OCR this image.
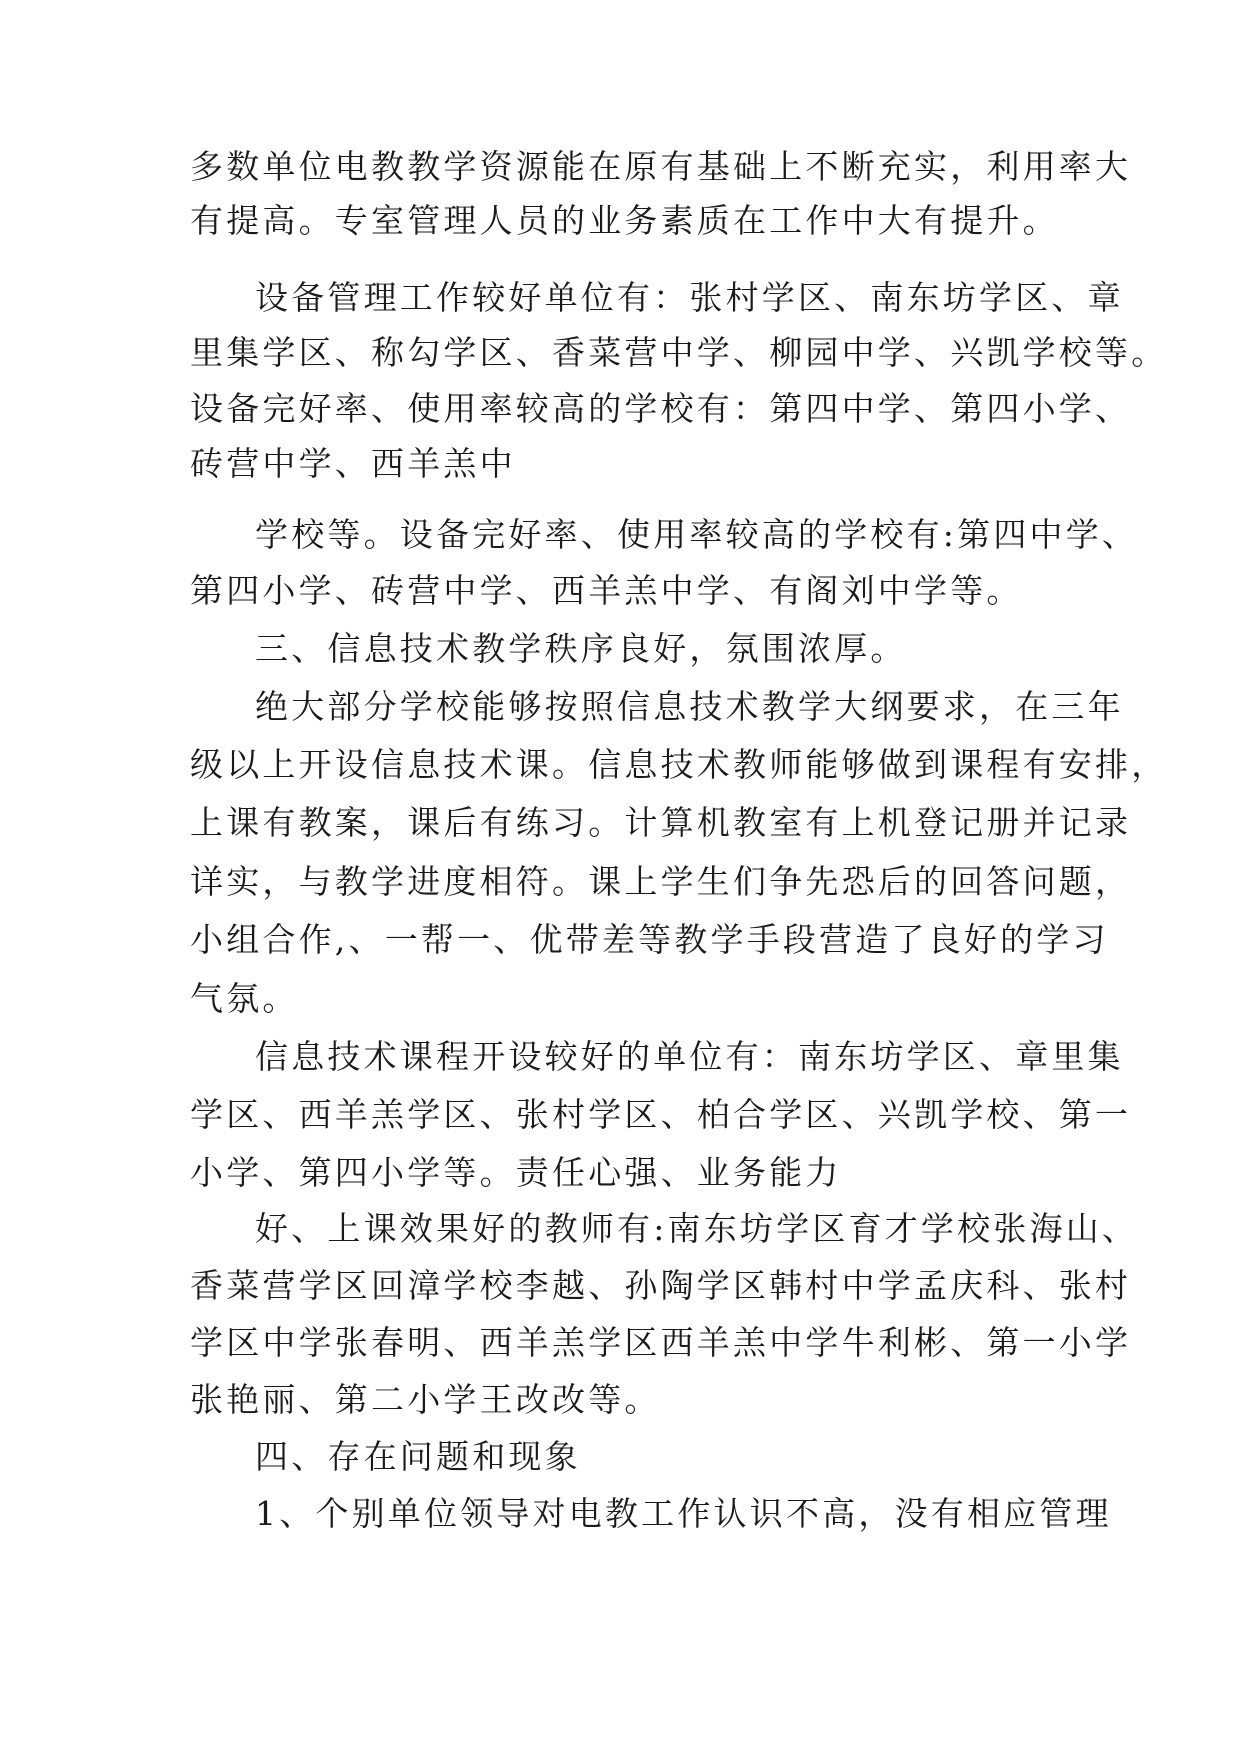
多数单位电教教学资源能在原有基础上不断充实，利用率大
有提高。专室管理人员的业务素质在工作中大有提升。
设备管理工作较好单位有：张村学区、南东坊学区、章
里集学区、称勾学区、香菜营中学、柳园中学、兴凯学校等。
设备完好率、使用率较高的学校有：第四中学、第四小学、
砖营中学、西羊羔中
学校等。设备完好率、使用率较高的学校有:第四中学、
第四小学、砖营中学、西羊羔中学、有阁刘中学等。
三、信息技术教学秩序良好，氛围浓厚。
绝大部分学校能够按照信息技术教学大纲要求，在三年
级以上开设信息技术课。信息技术教师能够做到课程有安排，
上课有教案，课后有练习。计算机教室有上机登记册并记录
详实，与教学进度相符。课上学生们争先恐后的回答问题，
小组合作,、一帮一、优带差等教学手段营造了良好的学习
气氛。
信息技术课程开设较好的单位有：南东坊学区、章里集
学区、西羊羔学区、张村学区、柏合学区、兴凯学校、第一
小学、第四小学等。责任心强、业务能力
好、上课效果好的教师有:南东坊学区育才学校张海山、
香菜营学区回漳学校李越、孙陶学区韩村中学孟庆科、张村
学区中学张春明、西羊羔学区西羊羔中学牛利彬、第一小学
张艳丽、第二小学王改改等。
四、存在问题和现象
1、个别单位领导对电教工作认识不高，没有相应管理
